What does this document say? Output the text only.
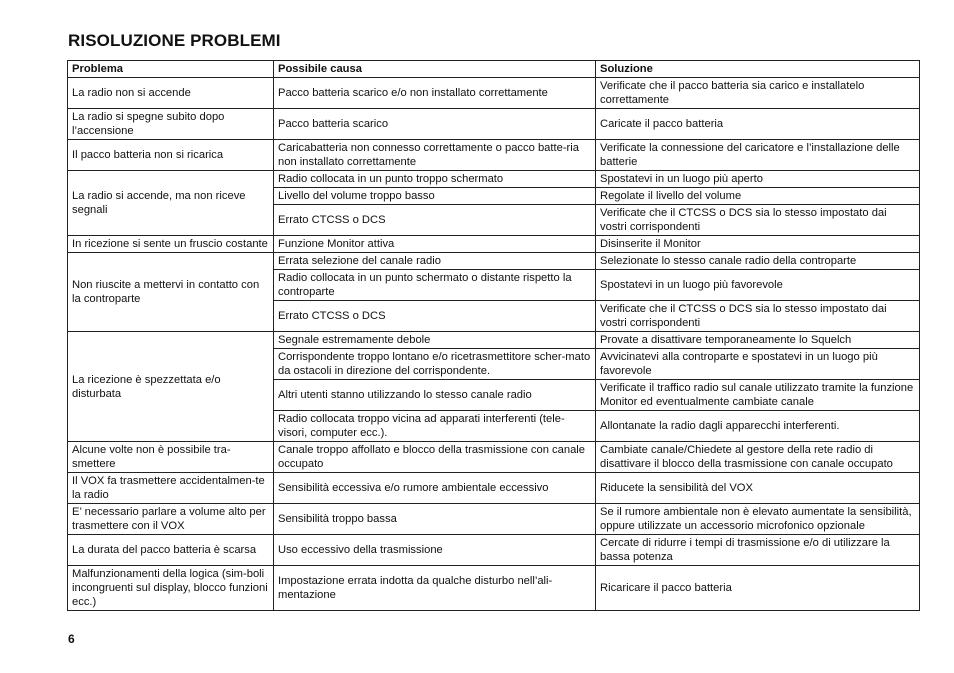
RISOLUZIONE PROBLEMI
Problema	Possibile causa	Soluzione
La radio non si accende	Pacco batteria scarico e/o non installato correttamente	Verificate che il pacco batteria sia carico e installatelo correttamente
La radio si spegne subito dopo l’accensione	Pacco batteria scarico	Caricate il pacco batteria
Il pacco batteria non si ricarica	Caricabatteria non connesso correttamente o pacco batte-ria non installato correttamente	Verificate la connessione del caricatore e l’installazione delle batterie
La radio si accende, ma non riceve segnali	Radio collocata in un punto troppo schermato	Spostatevi in un luogo più aperto
	Livello del volume troppo basso	Regolate il livello del volume
	Errato CTCSS o DCS	Verificate che il CTCSS o DCS sia lo stesso impostato dai vostri corrispondenti
In ricezione si sente un fruscio costante	Funzione Monitor attiva	Disinserite il Monitor
Non riuscite a mettervi in contatto con la controparte	Errata selezione del canale radio	Selezionate lo stesso canale radio della controparte
	Radio collocata in un punto schermato o distante rispetto la controparte	Spostatevi in un luogo più favorevole
	Errato CTCSS o DCS	Verificate che il CTCSS o DCS sia lo stesso impostato dai vostri corrispondenti
La ricezione è spezzettata e/o disturbata	Segnale estremamente debole	Provate a disattivare temporaneamente lo Squelch
	Corrispondente troppo lontano e/o ricetrasmettitore scher-mato da ostacoli in direzione del corrispondente.	Avvicinatevi alla controparte e spostatevi in un luogo più favorevole
	Altri utenti stanno utilizzando lo stesso canale radio	Verificate il traffico radio sul canale utilizzato tramite la funzione Monitor ed eventualmente cambiate canale
	Radio collocata troppo vicina ad apparati interferenti (tele-visori, computer ecc.).	Allontanate la radio dagli apparecchi interferenti.
Alcune volte non è possibile tra-smettere	Canale troppo affollato e blocco della trasmissione con canale occupato	Cambiate canale/Chiedete al gestore della rete radio di disattivare il blocco della trasmissione con canale occupato
Il VOX fa trasmettere accidentalmen-te la radio	Sensibilità eccessiva e/o rumore ambientale eccessivo	Riducete la sensibilità del VOX
E’ necessario parlare a volume alto per trasmettere con il VOX	Sensibilità troppo bassa	Se il rumore ambientale non è elevato aumentate la sensibilità, oppure utilizzate un accessorio microfonico opzionale
La durata del pacco batteria è scarsa	Uso eccessivo della trasmissione	Cercate di ridurre i tempi di trasmissione e/o di utilizzare la bassa potenza
Malfunzionamenti della logica (sim-boli incongruenti sul display, blocco funzioni ecc.)	Impostazione errata indotta da qualche disturbo nell’ali-mentazione	Ricaricare il pacco batteria
6
